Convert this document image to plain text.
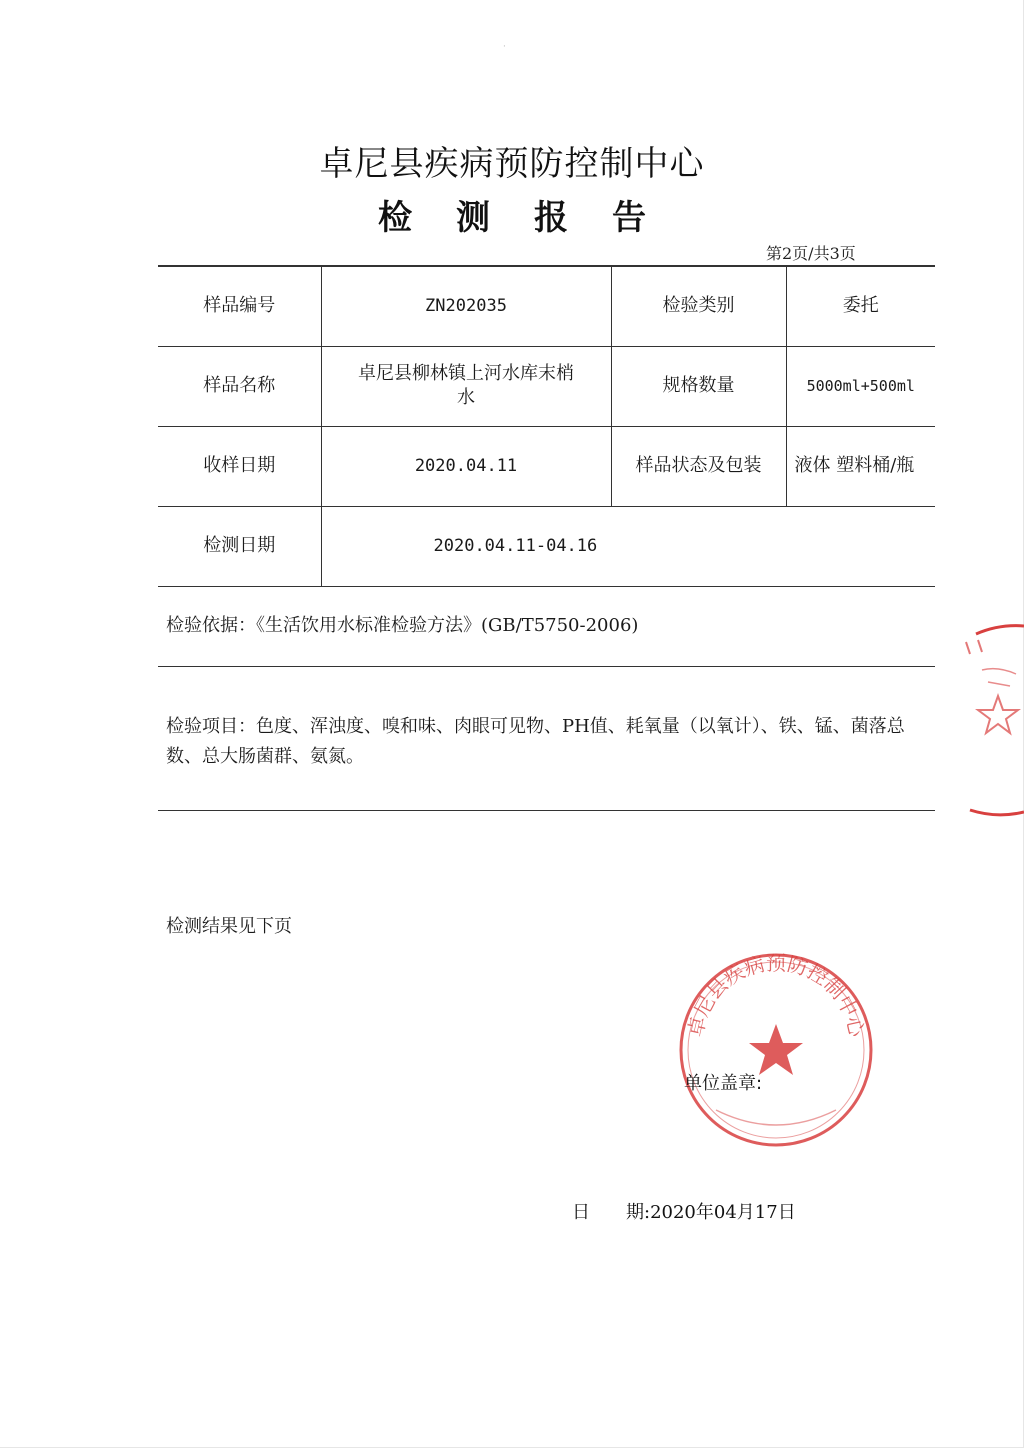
·
卓尼县疾病预防控制中心
检测报告
第2页/共3页
样品编号	ZN202035	检验类别	委托
样品名称	卓尼县柳林镇上河水库末梢水	规格数量	5000ml+500ml
收样日期	2020.04.11	样品状态及包装	液体 塑料桶/瓶
检测日期	2020.04.11-04.16		
检验依据：《生活饮用水标准检验方法》(GB/T5750-2006)
检验项目：色度、浑浊度、嗅和味、肉眼可见物、PH值、耗氧量（以氧计）、铁、锰、菌落总数、总大肠菌群、氨氮。
检测结果见下页
卓尼县疾病预防控制中心
单位盖章:
日 期:2020年04月17日
